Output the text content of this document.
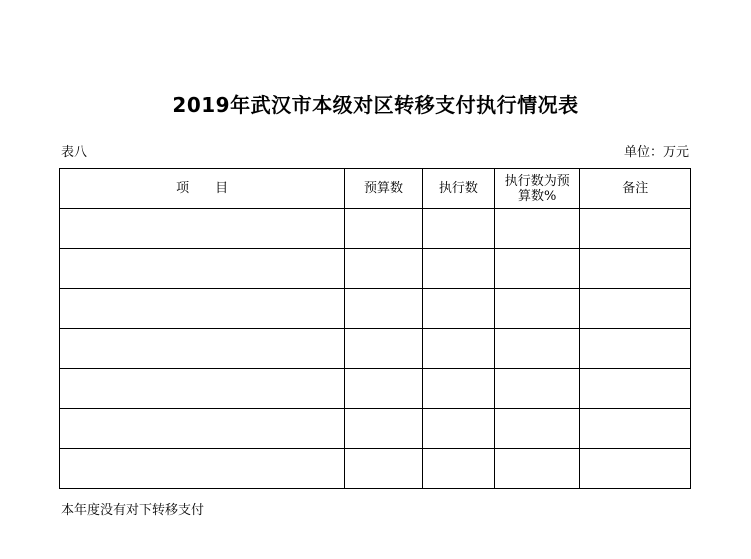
2019年武汉市本级对区转移支付执行情况表
表八	单位：万元
项　　目	预算数	执行数	执行数为预算数%	备注

本年度没有对下转移支付
